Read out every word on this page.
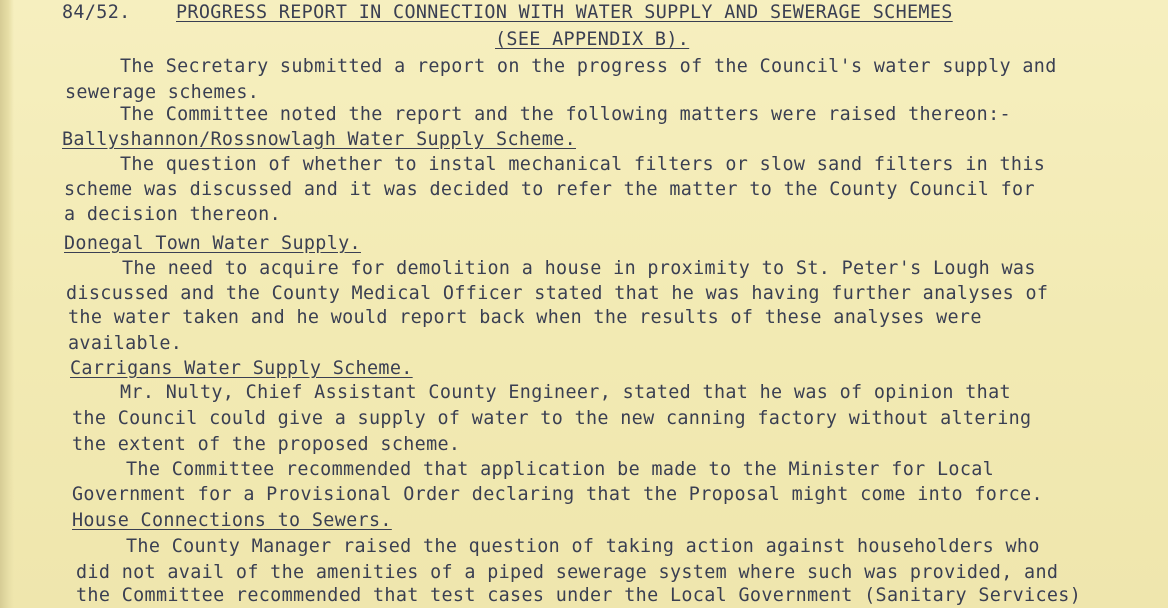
84/52. PROGRESS REPORT IN CONNECTION WITH WATER SUPPLY AND SEWERAGE SCHEMES
(SEE APPENDIX B).
The Secretary submitted a report on the progress of the Council's water supply and
sewerage schemes.
The Committee noted the report and the following matters were raised thereon:-
Ballyshannon/Rossnowlagh Water Supply Scheme.
The question of whether to instal mechanical filters or slow sand filters in this
scheme was discussed and it was decided to refer the matter to the County Council for
a decision thereon.
Donegal Town Water Supply.
The need to acquire for demolition a house in proximity to St. Peter's Lough was
discussed and the County Medical Officer stated that he was having further analyses of
the water taken and he would report back when the results of these analyses were
available.
Carrigans Water Supply Scheme.
Mr. Nulty, Chief Assistant County Engineer, stated that he was of opinion that
the Council could give a supply of water to the new canning factory without altering
the extent of the proposed scheme.
The Committee recommended that application be made to the Minister for Local
Government for a Provisional Order declaring that the Proposal might come into force.
House Connections to Sewers.
The County Manager raised the question of taking action against householders who
did not avail of the amenities of a piped sewerage system where such was provided, and
the Committee recommended that test cases under the Local Government (Sanitary Services)
